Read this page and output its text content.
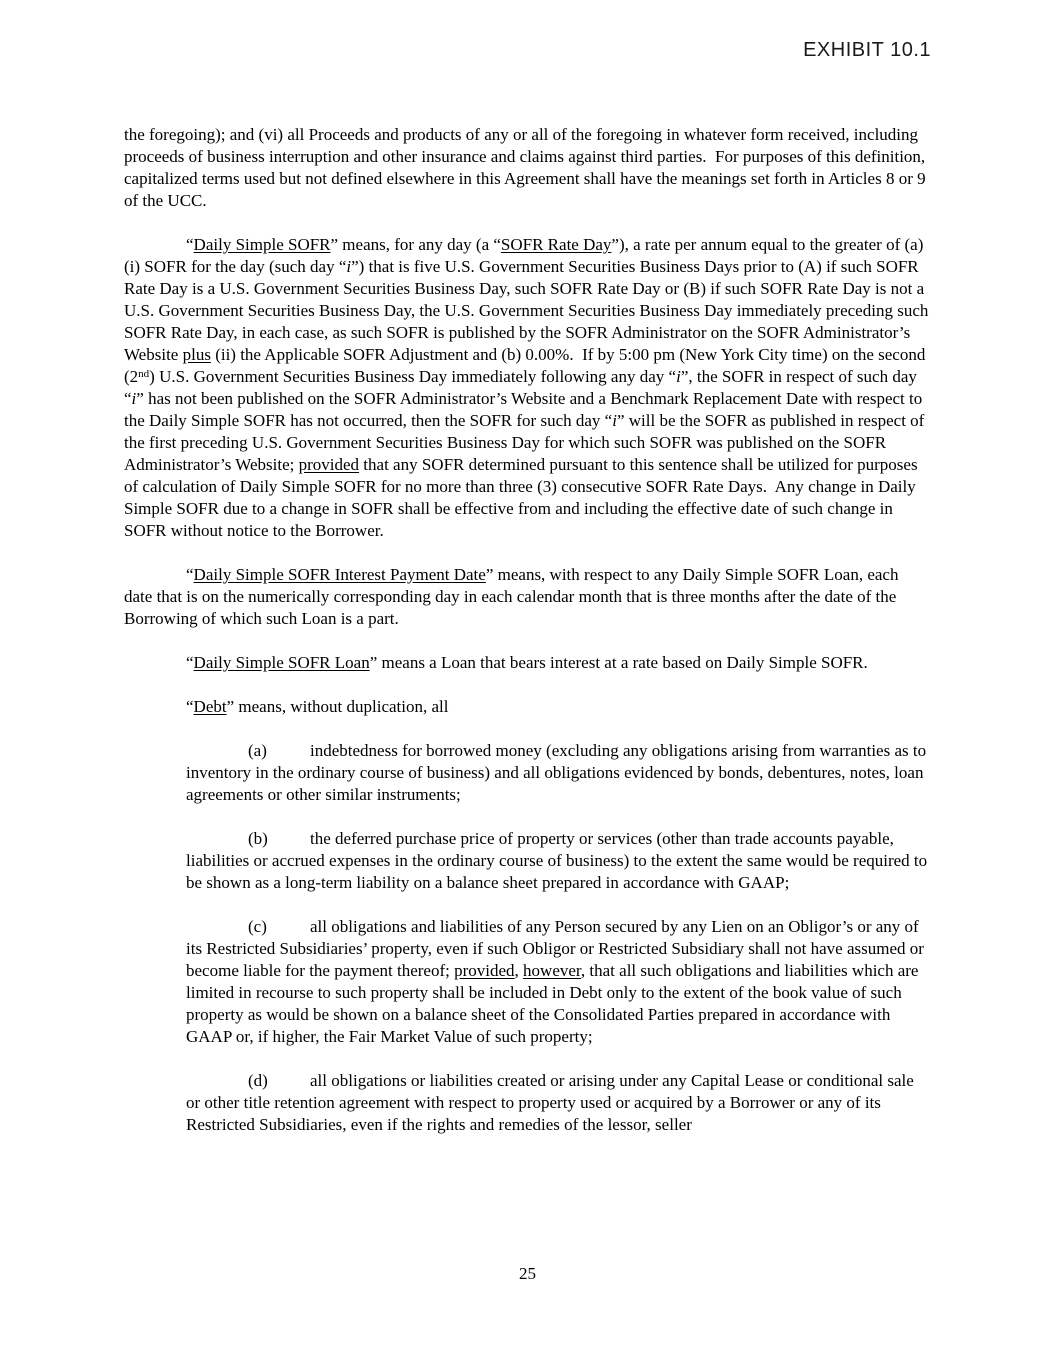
EXHIBIT 10.1

the foregoing); and (vi) all Proceeds and products of any or all of the foregoing in whatever form received, including proceeds of business interruption and other insurance and claims against third parties.  For purposes of this definition, capitalized terms used but not defined elsewhere in this Agreement shall have the meanings set forth in Articles 8 or 9 of the UCC.

“Daily Simple SOFR” means, for any day (a “SOFR Rate Day”), a rate per annum equal to the greater of (a) (i) SOFR for the day (such day “i”) that is five U.S. Government Securities Business Days prior to (A) if such SOFR Rate Day is a U.S. Government Securities Business Day, such SOFR Rate Day or (B) if such SOFR Rate Day is not a U.S. Government Securities Business Day, the U.S. Government Securities Business Day immediately preceding such SOFR Rate Day, in each case, as such SOFR is published by the SOFR Administrator on the SOFR Administrator’s Website plus (ii) the Applicable SOFR Adjustment and (b) 0.00%.  If by 5:00 pm (New York City time) on the second (2nd) U.S. Government Securities Business Day immediately following any day “i”, the SOFR in respect of such day “i” has not been published on the SOFR Administrator’s Website and a Benchmark Replacement Date with respect to the Daily Simple SOFR has not occurred, then the SOFR for such day “i” will be the SOFR as published in respect of the first preceding U.S. Government Securities Business Day for which such SOFR was published on the SOFR Administrator’s Website; provided that any SOFR determined pursuant to this sentence shall be utilized for purposes of calculation of Daily Simple SOFR for no more than three (3) consecutive SOFR Rate Days.  Any change in Daily Simple SOFR due to a change in SOFR shall be effective from and including the effective date of such change in SOFR without notice to the Borrower.

“Daily Simple SOFR Interest Payment Date” means, with respect to any Daily Simple SOFR Loan, each date that is on the numerically corresponding day in each calendar month that is three months after the date of the Borrowing of which such Loan is a part.

“Daily Simple SOFR Loan” means a Loan that bears interest at a rate based on Daily Simple SOFR.

“Debt” means, without duplication, all

(a)	indebtedness for borrowed money (excluding any obligations arising from warranties as to inventory in the ordinary course of business) and all obligations evidenced by bonds, debentures, notes, loan agreements or other similar instruments;

(b) the deferred purchase price of property or services (other than trade accounts payable, liabilities or accrued expenses in the ordinary course of business) to the extent the same would be required to be shown as a long-term liability on a balance sheet prepared in accordance with GAAP;

(c)	all obligations and liabilities of any Person secured by any Lien on an Obligor’s or any of its Restricted Subsidiaries’ property, even if such Obligor or Restricted Subsidiary shall not have assumed or become liable for the payment thereof; provided, however, that all such obligations and liabilities which are limited in recourse to such property shall be included in Debt only to the extent of the book value of such property as would be shown on a balance sheet of the Consolidated Parties prepared in accordance with GAAP or, if higher, the Fair Market Value of such property;

(d) all obligations or liabilities created or arising under any Capital Lease or conditional sale or other title retention agreement with respect to property used or acquired by a Borrower or any of its Restricted Subsidiaries, even if the rights and remedies of the lessor, seller

25
